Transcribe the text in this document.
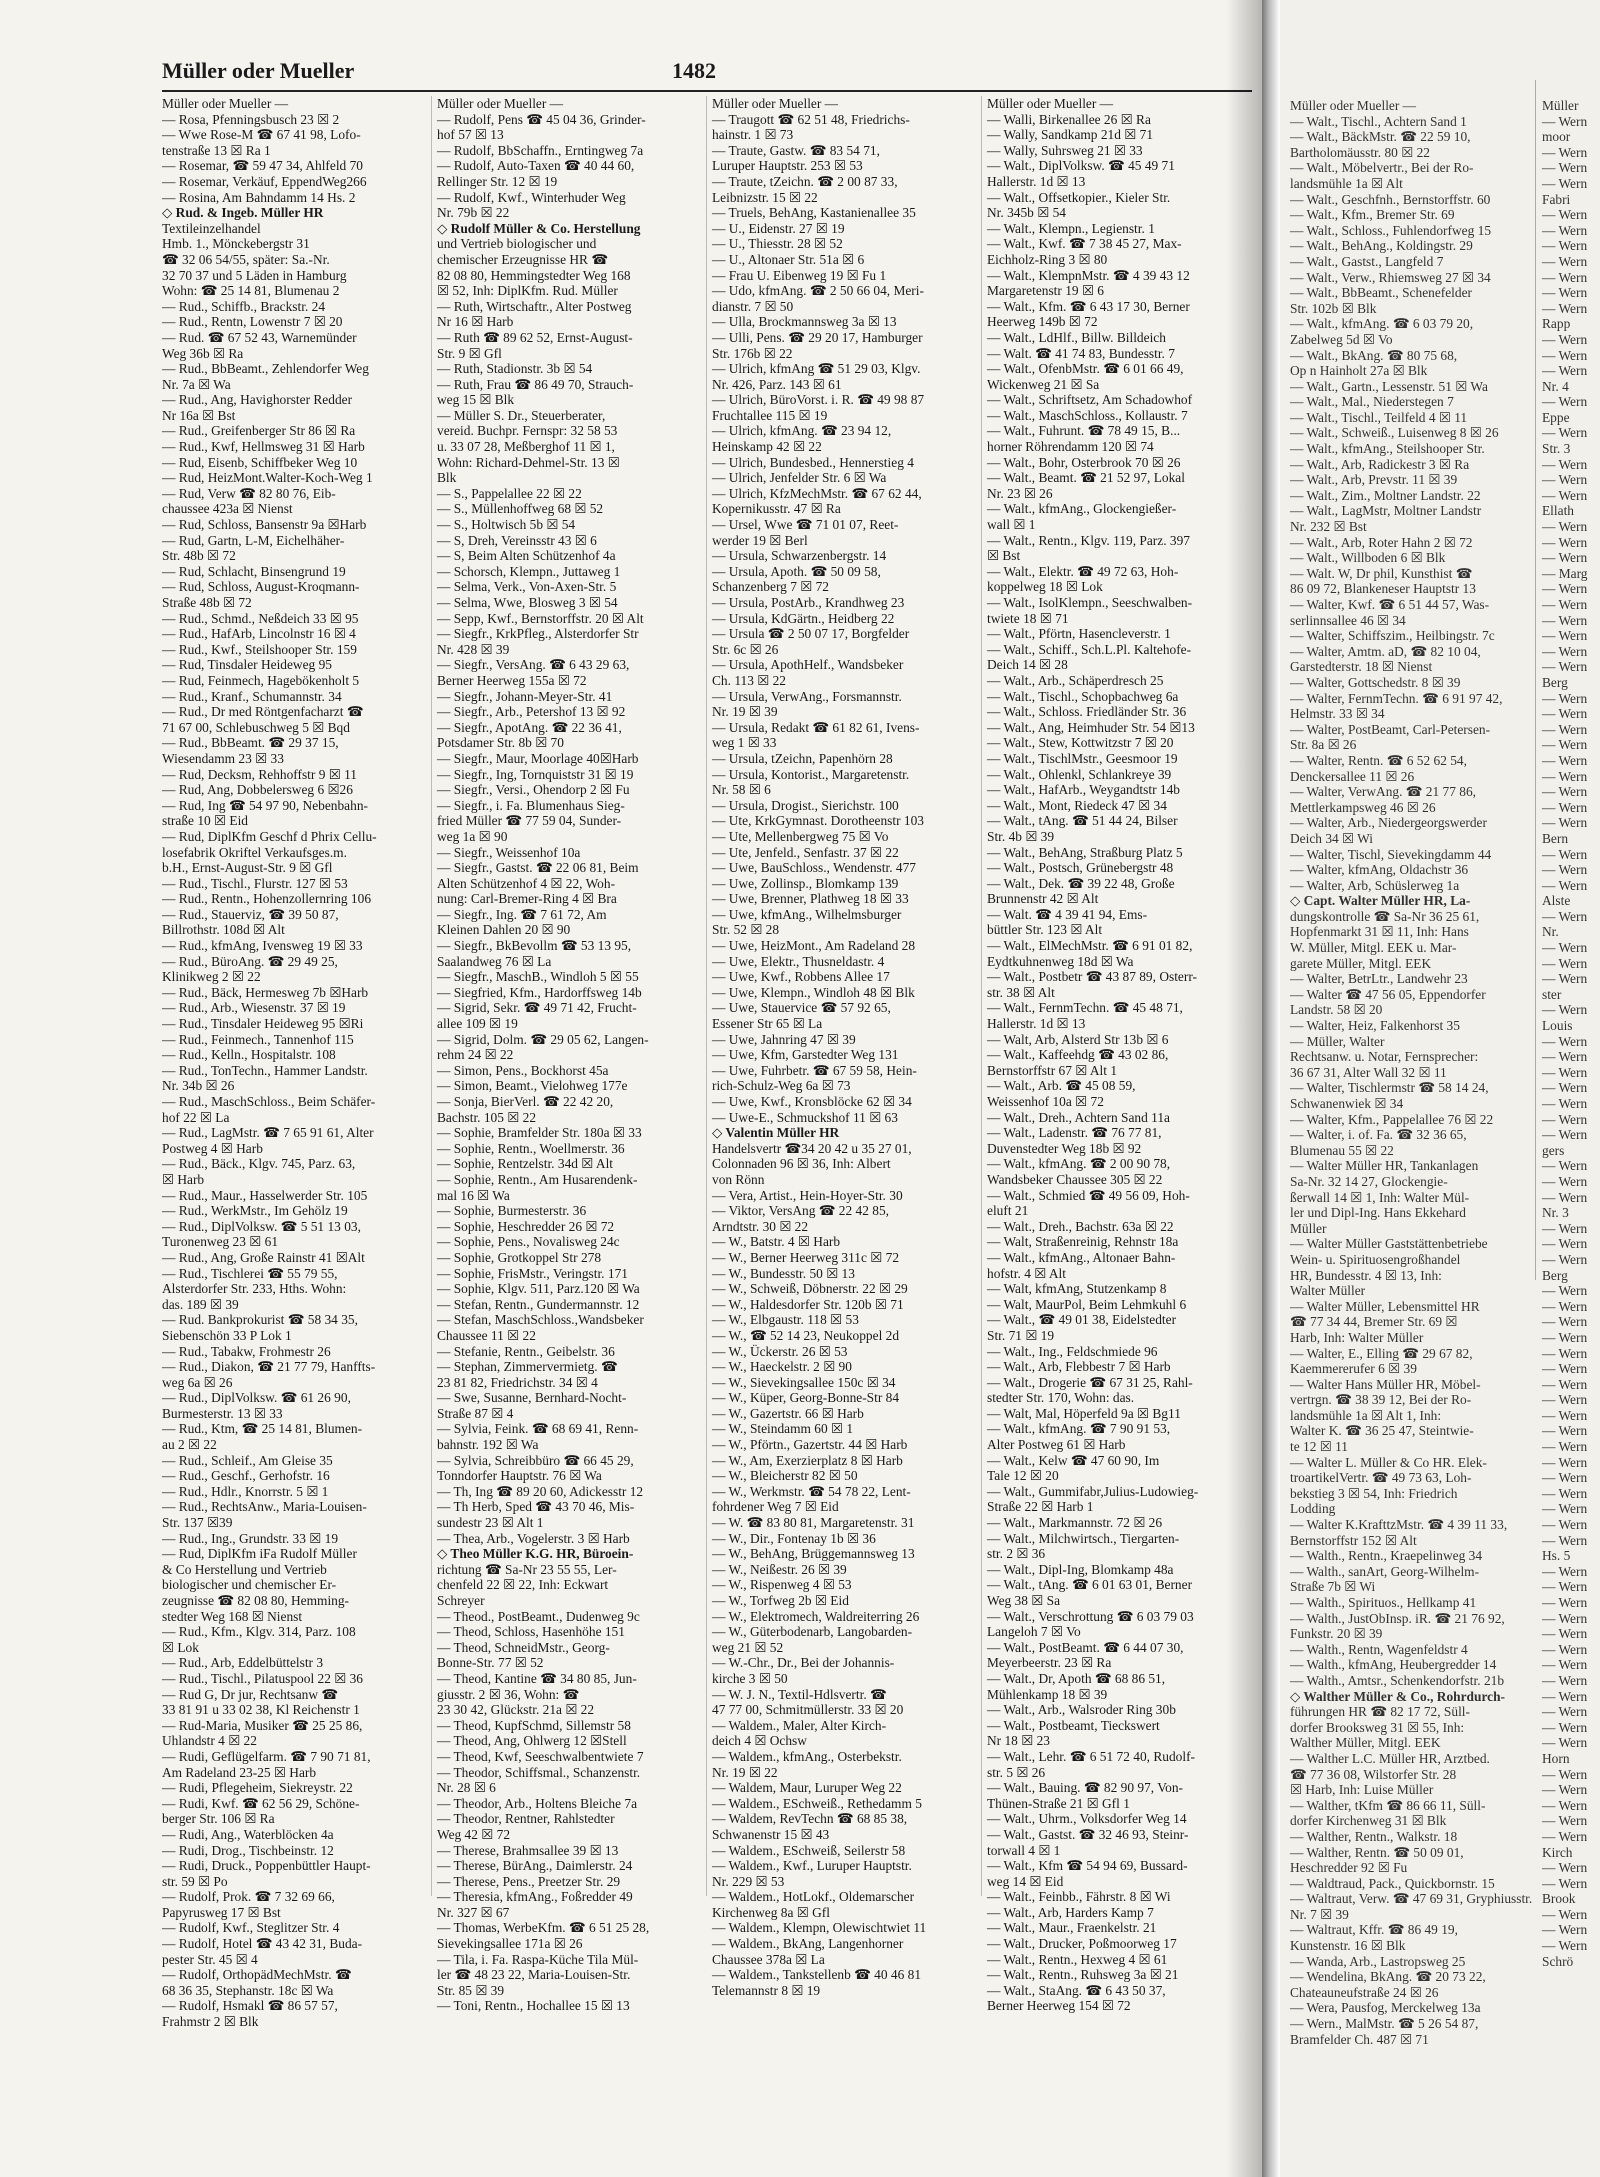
Müller oder Mueller	1482
Müller oder Mueller —
— Rosa, Pfenningsbusch 23 ☒ 2
— Wwe Rose-M ☎ 67 41 98, Lofo-
tenstraße 13 ☒ Ra 1
— Rosemar, ☎ 59 47 34, Ahlfeld 70
— Rosemar, Verkäuf, EppendWeg266
— Rosina, Am Bahndamm 14 Hs. 2
◇ Rud. & Ingeb. Müller HR
Textileinzelhandel
Hmb. 1., Mönckebergstr 31
☎ 32 06 54/55, später: Sa.-Nr.
32 70 37 und 5 Läden in Hamburg
Wohn: ☎ 25 14 81, Blumenau 2
— Rud., Schiffb., Brackstr. 24
— Rud., Rentn, Lowenstr 7 ☒ 20
— Rud. ☎ 67 52 43, Warnemünder
Weg 36b ☒ Ra
— Rud., BbBeamt., Zehlendorfer Weg
Nr. 7a ☒ Wa
— Rud., Ang, Havighorster Redder
Nr 16a ☒ Bst
— Rud., Greifenberger Str 86 ☒ Ra
— Rud., Kwf, Hellmsweg 31 ☒ Harb
— Rud, Eisenb, Schiffbeker Weg 10
— Rud, HeizMont.Walter-Koch-Weg 1
— Rud, Verw ☎ 82 80 76, Eib-
chaussee 423a ☒ Nienst
— Rud, Schloss, Bansenstr 9a ☒Harb
— Rud, Gartn, L-M, Eichelhäher-
Str. 48b ☒ 72
— Rud, Schlacht, Binsengrund 19
— Rud, Schloss, August-Kroqmann-
Straße 48b ☒ 72
— Rud., Schmd., Neßdeich 33 ☒ 95
— Rud., HafArb, Lincolnstr 16 ☒ 4
— Rud., Kwf., Steilshooper Str. 159
— Rud, Tinsdaler Heideweg 95
— Rud, Feinmech, Hagebökenholt 5
— Rud., Kranf., Schumannstr. 34
— Rud., Dr med Röntgenfacharzt ☎
71 67 00, Schlebuschweg 5 ☒ Bqd
— Rud., BbBeamt. ☎ 29 37 15,
Wiesendamm 23 ☒ 33
— Rud, Decksm, Rehhoffstr 9 ☒ 11
— Rud, Ang, Dobbelersweg 6 ☒26
— Rud, Ing ☎ 54 97 90, Nebenbahn-
straße 10 ☒ Eid
— Rud, DiplKfm Geschf d Phrix Cellu-
losefabrik Okriftel Verkaufsges.m.
b.H., Ernst-August-Str. 9 ☒ Gfl
— Rud., Tischl., Flurstr. 127 ☒ 53
— Rud., Rentn., Hohenzollernring 106
— Rud., Stauerviz, ☎ 39 50 87,
Billrothstr. 108d ☒ Alt
— Rud., kfmAng, Ivensweg 19 ☒ 33
— Rud., BüroAng. ☎ 29 49 25,
Klinikweg 2 ☒ 22
— Rud., Bäck, Hermesweg 7b ☒Harb
— Rud., Arb., Wiesenstr. 37 ☒ 19
— Rud., Tinsdaler Heideweg 95 ☒Ri
— Rud., Feinmech., Tannenhof 115
— Rud., Kelln., Hospitalstr. 108
— Rud., TonTechn., Hammer Landstr.
Nr. 34b ☒ 26
— Rud., MaschSchloss., Beim Schäfer-
hof 22 ☒ La
— Rud., LagMstr. ☎ 7 65 91 61, Alter
Postweg 4 ☒ Harb
— Rud., Bäck., Klgv. 745, Parz. 63,
☒ Harb
— Rud., Maur., Hasselwerder Str. 105
— Rud., WerkMstr., Im Gehölz 19
— Rud., DiplVolksw. ☎ 5 51 13 03,
Turonenweg 23 ☒ 61
— Rud., Ang, Große Rainstr 41 ☒Alt
— Rud., Tischlerei ☎ 55 79 55,
Alsterdorfer Str. 233, Hths. Wohn:
das. 189 ☒ 39
— Rud. Bankprokurist ☎ 58 34 35,
Siebenschön 33 P Lok 1
— Rud., Tabakw, Frohmestr 26
— Rud., Diakon, ☎ 21 77 79, Hanffts-
weg 6a ☒ 26
— Rud., DiplVolksw. ☎ 61 26 90,
Burmesterstr. 13 ☒ 33
— Rud., Ktm, ☎ 25 14 81, Blumen-
au 2 ☒ 22
— Rud., Schleif., Am Gleise 35
— Rud., Geschf., Gerhofstr. 16
— Rud., Hdlr., Knorrstr. 5 ☒ 1
— Rud., RechtsAnw., Maria-Louisen-
Str. 137 ☒39
— Rud., Ing., Grundstr. 33 ☒ 19
— Rud, DiplKfm iFa Rudolf Müller
& Co Herstellung und Vertrieb
biologischer und chemischer Er-
zeugnisse ☎ 82 08 80, Hemming-
stedter Weg 168 ☒ Nienst
— Rud., Kfm., Klgv. 314, Parz. 108
☒ Lok
— Rud., Arb, Eddelbüttelstr 3
— Rud., Tischl., Pilatuspool 22 ☒ 36
— Rud G, Dr jur, Rechtsanw ☎
33 81 91 u 33 02 38, Kl Reichenstr 1
— Rud-Maria, Musiker ☎ 25 25 86,
Uhlandstr 4 ☒ 22
— Rudi, Geflügelfarm. ☎ 7 90 71 81,
Am Radeland 23-25 ☒ Harb
— Rudi, Pflegeheim, Siekreystr. 22
— Rudi, Kwf. ☎ 62 56 29, Schöne-
berger Str. 106 ☒ Ra
— Rudi, Ang., Waterblöcken 4a
— Rudi, Drog., Tischbeinstr. 12
— Rudi, Druck., Poppenbüttler Haupt-
str. 59 ☒ Po
— Rudolf, Prok. ☎ 7 32 69 66,
Papyrusweg 17 ☒ Bst
— Rudolf, Kwf., Steglitzer Str. 4
— Rudolf, Hotel ☎ 43 42 31, Buda-
pester Str. 45 ☒ 4
— Rudolf, OrthopädMechMstr. ☎
68 36 35, Stephanstr. 18c ☒ Wa
— Rudolf, Hsmakl ☎ 86 57 57,
Frahmstr 2 ☒ Blk
Müller oder Mueller —
— Rudolf, Pens ☎ 45 04 36, Grinder-
hof 57 ☒ 13
— Rudolf, BbSchaffn., Erntingweg 7a
— Rudolf, Auto-Taxen ☎ 40 44 60,
Rellinger Str. 12 ☒ 19
— Rudolf, Kwf., Winterhuder Weg
Nr. 79b ☒ 22
◇ Rudolf Müller & Co. Herstellung
und Vertrieb biologischer und
chemischer Erzeugnisse HR ☎
82 08 80, Hemmingstedter Weg 168
☒ 52, Inh: DiplKfm. Rud. Müller
— Ruth, Wirtschaftr., Alter Postweg
Nr 16 ☒ Harb
— Ruth ☎ 89 62 52, Ernst-August-
Str. 9 ☒ Gfl
— Ruth, Stadionstr. 3b ☒ 54
— Ruth, Frau ☎ 86 49 70, Strauch-
weg 15 ☒ Blk
— Müller S. Dr., Steuerberater,
vereid. Buchpr. Fernspr: 32 58 53
u. 33 07 28, Meßberghof 11 ☒ 1,
Wohn: Richard-Dehmel-Str. 13 ☒
Blk
— S., Pappelallee 22 ☒ 22
— S., Müllenhoffweg 68 ☒ 52
— S., Holtwisch 5b ☒ 54
— S, Dreh, Vereinsstr 43 ☒ 6
— S, Beim Alten Schützenhof 4a
— Schorsch, Klempn., Juttaweg 1
— Selma, Verk., Von-Axen-Str. 5
— Selma, Wwe, Blosweg 3 ☒ 54
— Sepp, Kwf., Bernstorffstr. 20 ☒ Alt
— Siegfr., KrkPfleg., Alsterdorfer Str
Nr. 428 ☒ 39
— Siegfr., VersAng. ☎ 6 43 29 63,
Berner Heerweg 155a ☒ 72
— Siegfr., Johann-Meyer-Str. 41
— Siegfr., Arb., Petershof 13 ☒ 92
— Siegfr., ApotAng. ☎ 22 36 41,
Potsdamer Str. 8b ☒ 70
— Siegfr., Maur, Moorlage 40☒Harb
— Siegfr., Ing, Tornquiststr 31 ☒ 19
— Siegfr., Versi., Ohendorp 2 ☒ Fu
— Siegfr., i. Fa. Blumenhaus Sieg-
fried Müller ☎ 77 59 04, Sunder-
weg 1a ☒ 90
— Siegfr., Weissenhof 10a
— Siegfr., Gastst. ☎ 22 06 81, Beim
Alten Schützenhof 4 ☒ 22, Woh-
nung: Carl-Bremer-Ring 4 ☒ Bra
— Siegfr., Ing. ☎ 7 61 72, Am
Kleinen Dahlen 20 ☒ 90
— Siegfr., BkBevollm ☎ 53 13 95,
Saalandweg 76 ☒ La
— Siegfr., MaschB., Windloh 5 ☒ 55
— Siegfried, Kfm., Hardorffsweg 14b
— Sigrid, Sekr. ☎ 49 71 42, Frucht-
allee 109 ☒ 19
— Sigrid, Dolm. ☎ 29 05 62, Langen-
rehm 24 ☒ 22
— Simon, Pens., Bockhorst 45a
— Simon, Beamt., Vielohweg 177e
— Sonja, BierVerl. ☎ 22 42 20,
Bachstr. 105 ☒ 22
— Sophie, Bramfelder Str. 180a ☒ 33
— Sophie, Rentn., Woellmerstr. 36
— Sophie, Rentzelstr. 34d ☒ Alt
— Sophie, Rentn., Am Husarendenk-
mal 16 ☒ Wa
— Sophie, Burmesterstr. 36
— Sophie, Heschredder 26 ☒ 72
— Sophie, Pens., Novalisweg 24c
— Sophie, Grotkoppel Str 278
— Sophie, FrisMstr., Veringstr. 171
— Sophie, Klgv. 511, Parz.120 ☒ Wa
— Stefan, Rentn., Gundermannstr. 12
— Stefan, MaschSchloss.,Wandsbeker
Chaussee 11 ☒ 22
— Stefanie, Rentn., Geibelstr. 36
— Stephan, Zimmervermietg. ☎
23 81 82, Friedrichstr. 34 ☒ 4
— Swe, Susanne, Bernhard-Nocht-
Straße 87 ☒ 4
— Sylvia, Feink. ☎ 68 69 41, Renn-
bahnstr. 192 ☒ Wa
— Sylvia, Schreibbüro ☎ 66 45 29,
Tonndorfer Hauptstr. 76 ☒ Wa
— Th, Ing ☎ 89 20 60, Adickesstr 12
— Th Herb, Sped ☎ 43 70 46, Mis-
sundestr 23 ☒ Alt 1
— Thea, Arb., Vogelerstr. 3 ☒ Harb
◇ Theo Müller K.G. HR, Büroein-
richtung ☎ Sa-Nr 23 55 55, Ler-
chenfeld 22 ☒ 22, Inh: Eckwart
Schreyer
— Theod., PostBeamt., Dudenweg 9c
— Theod, Schloss, Hasenhöhe 151
— Theod, SchneidMstr., Georg-
Bonne-Str. 77 ☒ 52
— Theod, Kantine ☎ 34 80 85, Jun-
giusstr. 2 ☒ 36, Wohn: ☎
23 30 42, Glückstr. 21a ☒ 22
— Theod, KupfSchmd, Sillemstr 58
— Theod, Ang, Ohlwerg 12 ☒Stell
— Theod, Kwf, Seeschwalbentwiete 7
— Theodor, Schiffsmal., Schanzenstr.
Nr. 28 ☒ 6
— Theodor, Arb., Holtens Bleiche 7a
— Theodor, Rentner, Rahlstedter
Weg 42 ☒ 72
— Therese, Brahmsallee 39 ☒ 13
— Therese, BürAng., Daimlerstr. 24
— Therese, Pens., Preetzer Str. 29
— Theresia, kfmAng., Foßredder 49
Nr. 327 ☒ 67
— Thomas, WerbeKfm. ☎ 6 51 25 28,
Sievekingsallee 171a ☒ 26
— Tila, i. Fa. Raspa-Küche Tila Mül-
ler ☎ 48 23 22, Maria-Louisen-Str.
Str. 85 ☒ 39
— Toni, Rentn., Hochallee 15 ☒ 13
Müller oder Mueller —
— Traugott ☎ 62 51 48, Friedrichs-
hainstr. 1 ☒ 73
— Traute, Gastw. ☎ 83 54 71,
Luruper Hauptstr. 253 ☒ 53
— Traute, tZeichn. ☎ 2 00 87 33,
Leibnizstr. 15 ☒ 22
— Truels, BehAng, Kastanienallee 35
— U., Eidenstr. 27 ☒ 19
— U., Thiesstr. 28 ☒ 52
— U., Altonaer Str. 51a ☒ 6
— Frau U. Eibenweg 19 ☒ Fu 1
— Udo, kfmAng. ☎ 2 50 66 04, Meri-
dianstr. 7 ☒ 50
— Ulla, Brockmannsweg 3a ☒ 13
— Ulli, Pens. ☎ 29 20 17, Hamburger
Str. 176b ☒ 22
— Ulrich, kfmAng ☎ 51 29 03, Klgv.
Nr. 426, Parz. 143 ☒ 61
— Ulrich, BüroVorst. i. R. ☎ 49 98 87
Fruchtallee 115 ☒ 19
— Ulrich, kfmAng. ☎ 23 94 12,
Heinskamp 42 ☒ 22
— Ulrich, Bundesbed., Hennerstieg 4
— Ulrich, Jenfelder Str. 6 ☒ Wa
— Ulrich, KfzMechMstr. ☎ 67 62 44,
Kopernikusstr. 47 ☒ Ra
— Ursel, Wwe ☎ 71 01 07, Reet-
werder 19 ☒ Berl
— Ursula, Schwarzenbergstr. 14
— Ursula, Apoth. ☎ 50 09 58,
Schanzenberg 7 ☒ 72
— Ursula, PostArb., Krandhweg 23
— Ursula, KdGärtn., Heidberg 22
— Ursula ☎ 2 50 07 17, Borgfelder
Str. 6c ☒ 26
— Ursula, ApothHelf., Wandsbeker
Ch. 113 ☒ 22
— Ursula, VerwAng., Forsmannstr.
Nr. 19 ☒ 39
— Ursula, Redakt ☎ 61 82 61, Ivens-
weg 1 ☒ 33
— Ursula, tZeichn, Papenhörn 28
— Ursula, Kontorist., Margaretenstr.
Nr. 58 ☒ 6
— Ursula, Drogist., Sierichstr. 100
— Ute, KrkGymnast. Dorotheenstr 103
— Ute, Mellenbergweg 75 ☒ Vo
— Ute, Jenfeld., Senfastr. 37 ☒ 22
— Uwe, BauSchloss., Wendenstr. 477
— Uwe, Zollinsp., Blomkamp 139
— Uwe, Brenner, Plathweg 18 ☒ 33
— Uwe, kfmAng., Wilhelmsburger
Str. 52 ☒ 28
— Uwe, HeizMont., Am Radeland 28
— Uwe, Elektr., Thusneldastr. 4
— Uwe, Kwf., Robbens Allee 17
— Uwe, Klempn., Windloh 48 ☒ Blk
— Uwe, Stauervice ☎ 57 92 65,
Essener Str 65 ☒ La
— Uwe, Jahnring 47 ☒ 39
— Uwe, Kfm, Garstedter Weg 131
— Uwe, Fuhrbetr. ☎ 67 59 58, Hein-
rich-Schulz-Weg 6a ☒ 73
— Uwe, Kwf., Kronsblöcke 62 ☒ 34
— Uwe-E., Schmuckshof 11 ☒ 63
◇ Valentin Müller HR
Handelsvertr ☎34 20 42 u 35 27 01,
Colonnaden 96 ☒ 36, Inh: Albert
von Rönn
— Vera, Artist., Hein-Hoyer-Str. 30
— Viktor, VersAng ☎ 22 42 85,
Arndtstr. 30 ☒ 22
— W., Batstr. 4 ☒ Harb
— W., Berner Heerweg 311c ☒ 72
— W., Bundesstr. 50 ☒ 13
— W., Schweiß, Döbnerstr. 22 ☒ 29
— W., Haldesdorfer Str. 120b ☒ 71
— W., Elbgaustr. 118 ☒ 53
— W., ☎ 52 14 23, Neukoppel 2d
— W., Ückerstr. 26 ☒ 53
— W., Haeckelstr. 2 ☒ 90
— W., Sievekingsallee 150c ☒ 34
— W., Küper, Georg-Bonne-Str 84
— W., Gazertstr. 66 ☒ Harb
— W., Steindamm 60 ☒ 1
— W., Pförtn., Gazertstr. 44 ☒ Harb
— W., Am, Exerzierplatz 8 ☒ Harb
— W., Bleicherstr 82 ☒ 50
— W., Werkmstr. ☎ 54 78 22, Lent-
fohrdener Weg 7 ☒ Eid
— W. ☎ 83 80 81, Margaretenstr. 31
— W., Dir., Fontenay 1b ☒ 36
— W., BehAng, Brüggemannsweg 13
— W., Neißestr. 26 ☒ 39
— W., Rispenweg 4 ☒ 53
— W., Torfweg 2b ☒ Eid
— W., Elektromech, Waldreiterring 26
— W., Güterbodenarb, Langobarden-
weg 21 ☒ 52
— W.-Chr., Dr., Bei der Johannis-
kirche 3 ☒ 50
— W. J. N., Textil-Hdlsvertr. ☎
47 77 00, Schmitmüllerstr. 33 ☒ 20
— Waldem., Maler, Alter Kirch-
deich 4 ☒ Ochsw
— Waldem., kfmAng., Osterbekstr.
Nr. 19 ☒ 22
— Waldem, Maur, Luruper Weg 22
— Waldem., ESchweiß., Rethedamm 5
— Waldem, RevTechn ☎ 68 85 38,
Schwanenstr 15 ☒ 43
— Waldem., ESchweiß, Seilerstr 58
— Waldem., Kwf., Luruper Hauptstr.
Nr. 229 ☒ 53
— Waldem., HotLokf., Oldemarscher
Kirchenweg 8a ☒ Gfl
— Waldem., Klempn, Olewischtwiet 11
— Waldem., BkAng, Langenhorner
Chaussee 378a ☒ La
— Waldem., Tankstellenb ☎ 40 46 81
Telemannstr 8 ☒ 19
Müller oder Mueller —
— Walli, Birkenallee 26 ☒ Ra
— Wally, Sandkamp 21d ☒ 71
— Wally, Suhrsweg 21 ☒ 33
— Walt., DiplVolksw. ☎ 45 49 71
Hallerstr. 1d ☒ 13
— Walt., Offsetkopier., Kieler Str.
Nr. 345b ☒ 54
— Walt., Klempn., Legienstr. 1
— Walt., Kwf. ☎ 7 38 45 27, Max-
Eichholz-Ring 3 ☒ 80
— Walt., KlempnMstr. ☎ 4 39 43 12
Margaretenstr 19 ☒ 6
— Walt., Kfm. ☎ 6 43 17 30, Berner
Heerweg 149b ☒ 72
— Walt., LdHlf., Billw. Billdeich
— Walt. ☎ 41 74 83, Bundesstr. 7
— Walt., OfenbMstr. ☎ 6 01 66 49,
Wickenweg 21 ☒ Sa
— Walt., Schriftsetz, Am Schadowhof
— Walt., MaschSchloss., Kollaustr. 7
— Walt., Fuhrunt. ☎ 78 49 15, B...
horner Röhrendamm 120 ☒ 74
— Walt., Bohr, Osterbrook 70 ☒ 26
— Walt., Beamt. ☎ 21 52 97, Lokal
Nr. 23 ☒ 26
— Walt., kfmAng., Glockengießer-
wall ☒ 1
— Walt., Rentn., Klgv. 119, Parz. 397
☒ Bst
— Walt., Elektr. ☎ 49 72 63, Hoh-
koppelweg 18 ☒ Lok
— Walt., IsolKlempn., Seeschwalben-
twiete 18 ☒ 71
— Walt., Pförtn, Hasencleverstr. 1
— Walt., Schiff., Sch.L.Pl. Kaltehofe-
Deich 14 ☒ 28
— Walt., Arb., Schäperdresch 25
— Walt., Tischl., Schopbachweg 6a
— Walt., Schloss. Friedländer Str. 36
— Walt., Ang, Heimhuder Str. 54 ☒13
— Walt., Stew, Kottwitzstr 7 ☒ 20
— Walt., TischlMstr., Geesmoor 19
— Walt., Ohlenkl, Schlankreye 39
— Walt., HafArb., Weygandtstr 14b
— Walt., Mont, Riedeck 47 ☒ 34
— Walt., tAng. ☎ 51 44 24, Bilser
Str. 4b ☒ 39
— Walt., BehAng, Straßburg Platz 5
— Walt., Postsch, Grünebergstr 48
— Walt., Dek. ☎ 39 22 48, Große
Brunnenstr 42 ☒ Alt
— Walt. ☎ 4 39 41 94, Ems-
büttler Str. 123 ☒ Alt
— Walt., ElMechMstr. ☎ 6 91 01 82,
Eydtkuhnenweg 18d ☒ Wa
— Walt., Postbetr ☎ 43 87 89, Osterr-
str. 38 ☒ Alt
— Walt., FernmTechn. ☎ 45 48 71,
Hallerstr. 1d ☒ 13
— Walt, Arb, Alsterd Str 13b ☒ 6
— Walt., Kaffeehdg ☎ 43 02 86,
Bernstorffstr 67 ☒ Alt 1
— Walt., Arb. ☎ 45 08 59,
Weissenhof 10a ☒ 72
— Walt., Dreh., Achtern Sand 11a
— Walt., Ladenstr. ☎ 76 77 81,
Duvenstedter Weg 18b ☒ 92
— Walt., kfmAng. ☎ 2 00 90 78,
Wandsbeker Chaussee 305 ☒ 22
— Walt., Schmied ☎ 49 56 09, Hoh-
eluft 21
— Walt., Dreh., Bachstr. 63a ☒ 22
— Walt, Straßenreinig, Rehnstr 18a
— Walt., kfmAng., Altonaer Bahn-
hofstr. 4 ☒ Alt
— Walt, kfmAng, Stutzenkamp 8
— Walt, MaurPol, Beim Lehmkuhl 6
— Walt., ☎ 49 01 38, Eidelstedter
Str. 71 ☒ 19
— Walt., Ing., Feldschmiede 96
— Walt., Arb, Flebbestr 7 ☒ Harb
— Walt., Drogerie ☎ 67 31 25, Rahl-
stedter Str. 170, Wohn: das.
— Walt, Mal, Höperfeld 9a ☒ Bg11
— Walt., kfmAng. ☎ 7 90 91 53,
Alter Postweg 61 ☒ Harb
— Walt., Kelw ☎ 47 60 90, Im
Tale 12 ☒ 20
— Walt., Gummifabr,Julius-Ludowieg-
Straße 22 ☒ Harb 1
— Walt., Markmannstr. 72 ☒ 26
— Walt., Milchwirtsch., Tiergarten-
str. 2 ☒ 36
— Walt., Dipl-Ing, Blomkamp 48a
— Walt., tAng. ☎ 6 01 63 01, Berner
Weg 38 ☒ Sa
— Walt., Verschrottung ☎ 6 03 79 03
Langeloh 7 ☒ Vo
— Walt., PostBeamt. ☎ 6 44 07 30,
Meyerbeerstr. 23 ☒ Ra
— Walt., Dr, Apoth ☎ 68 86 51,
Mühlenkamp 18 ☒ 39
— Walt., Arb., Walsroder Ring 30b
— Walt., Postbeamt, Tieckswert
Nr 18 ☒ 23
— Walt., Lehr. ☎ 6 51 72 40, Rudolf-
str. 5 ☒ 26
— Walt., Bauing. ☎ 82 90 97, Von-
Thünen-Straße 21 ☒ Gfl 1
— Walt., Uhrm., Volksdorfer Weg 14
— Walt., Gastst. ☎ 32 46 93, Steinr-
torwall 4 ☒ 1
— Walt., Kfm ☎ 54 94 69, Bussard-
weg 14 ☒ Eid
— Walt., Feinbb., Fährstr. 8 ☒ Wi
— Walt., Arb, Harders Kamp 7
— Walt., Maur., Fraenkelstr. 21
— Walt., Drucker, Poßmoorweg 17
— Walt., Rentn., Hexweg 4 ☒ 61
— Walt., Rentn., Ruhsweg 3a ☒ 21
— Walt., StaAng. ☎ 6 43 50 37,
Berner Heerweg 154 ☒ 72
Müller oder Mueller —
— Walt., Tischl., Achtern Sand 1
— Walt., BäckMstr. ☎ 22 59 10,
Bartholomäusstr. 80 ☒ 22
— Walt., Möbelvertr., Bei der Ro-
landsmühle 1a ☒ Alt
— Walt., Geschfnh., Bernstorffstr. 60
— Walt., Kfm., Bremer Str. 69
— Walt., Schloss., Fuhlendorfweg 15
— Walt., BehAng., Koldingstr. 29
— Walt., Gastst., Langfeld 7
— Walt., Verw., Rhiemsweg 27 ☒ 34
— Walt., BbBeamt., Schenefelder
Str. 102b ☒ Blk
— Walt., kfmAng. ☎ 6 03 79 20,
Zabelweg 5d ☒ Vo
— Walt., BkAng. ☎ 80 75 68,
Op n Hainholt 27a ☒ Blk
— Walt., Gartn., Lessenstr. 51 ☒ Wa
— Walt., Mal., Niederstegen 7
— Walt., Tischl., Teilfeld 4 ☒ 11
— Walt., Schweiß., Luisenweg 8 ☒ 26
— Walt., kfmAng., Steilshooper Str.
— Walt., Arb, Radickestr 3 ☒ Ra
— Walt., Arb, Prevstr. 11 ☒ 39
— Walt., Zim., Moltner Landstr. 22
— Walt., LagMstr, Moltner Landstr
Nr. 232 ☒ Bst
— Walt., Arb, Roter Hahn 2 ☒ 72
— Walt., Willboden 6 ☒ Blk
— Walt. W, Dr phil, Kunsthist ☎
86 09 72, Blankeneser Hauptstr 13
— Walter, Kwf. ☎ 6 51 44 57, Was-
serlinnsallee 46 ☒ 34
— Walter, Schiffszim., Heilbingstr. 7c
— Walter, Amtm. aD, ☎ 82 10 04,
Garstedterstr. 18 ☒ Nienst
— Walter, Gottschedstr. 8 ☒ 39
— Walter, FernmTechn. ☎ 6 91 97 42,
Helmstr. 33 ☒ 34
— Walter, PostBeamt, Carl-Petersen-
Str. 8a ☒ 26
— Walter, Rentn. ☎ 6 52 62 54,
Denckersallee 11 ☒ 26
— Walter, VerwAng. ☎ 21 77 86,
Mettlerkampsweg 46 ☒ 26
— Walter, Arb., Niedergeorgswerder
Deich 34 ☒ Wi
— Walter, Tischl, Sievekingdamm 44
— Walter, kfmAng, Oldachstr 36
— Walter, Arb, Schüslerweg 1a
◇ Capt. Walter Müller HR, La-
dungskontrolle ☎ Sa-Nr 36 25 61,
Hopfenmarkt 31 ☒ 11, Inh: Hans
W. Müller, Mitgl. EEK u. Mar-
garete Müller, Mitgl. EEK
— Walter, BetrLtr., Landwehr 23
— Walter ☎ 47 56 05, Eppendorfer
Landstr. 58 ☒ 20
— Walter, Heiz, Falkenhorst 35
— Müller, Walter
Rechtsanw. u. Notar, Fernsprecher:
36 67 31, Alter Wall 32 ☒ 11
— Walter, Tischlermstr ☎ 58 14 24,
Schwanenwiek ☒ 34
— Walter, Kfm., Pappelallee 76 ☒ 22
— Walter, i. of. Fa. ☎ 32 36 65,
Blumenau 55 ☒ 22
— Walter Müller HR, Tankanlagen
Sa-Nr. 32 14 27, Glockengie-
ßerwall 14 ☒ 1, Inh: Walter Mül-
ler und Dipl-Ing. Hans Ekkehard
Müller
— Walter Müller Gaststättenbetriebe
Wein- u. Spirituosengroßhandel
HR, Bundesstr. 4 ☒ 13, Inh:
Walter Müller
— Walter Müller, Lebensmittel HR
☎ 77 34 44, Bremer Str. 69 ☒
Harb, Inh: Walter Müller
— Walter, E., Elling ☎ 29 67 82,
Kaemmererufer 6 ☒ 39
— Walter Hans Müller HR, Möbel-
vertrgn. ☎ 38 39 12, Bei der Ro-
landsmühle 1a ☒ Alt 1, Inh:
Walter K. ☎ 36 25 47, Steintwie-
te 12 ☒ 11
— Walter L. Müller & Co HR. Elek-
troartikelVertr. ☎ 49 73 63, Loh-
bekstieg 3 ☒ 54, Inh: Friedrich
Lodding
— Walter K.KrafttzMstr. ☎ 4 39 11 33,
Bernstorffstr 152 ☒ Alt
— Walth., Rentn., Kraepelinweg 34
— Walth., sanArt, Georg-Wilhelm-
Straße 7b ☒ Wi
— Walth., Spirituos., Hellkamp 41
— Walth., JustObInsp. iR. ☎ 21 76 92,
Funkstr. 20 ☒ 39
— Walth., Rentn, Wagenfeldstr 4
— Walth., kfmAng, Heubergredder 14
— Walth., Amtsr., Schenkendorfstr. 21b
◇ Walther Müller & Co., Rohrdurch-
führungen HR ☎ 82 17 72, Süll-
dorfer Brooksweg 31 ☒ 55, Inh:
Walther Müller, Mitgl. EEK
— Walther L.C. Müller HR, Arztbed.
☎ 77 36 08, Wilstorfer Str. 28
☒ Harb, Inh: Luise Müller
— Walther, tKfm ☎ 86 66 11, Süll-
dorfer Kirchenweg 31 ☒ Blk
— Walther, Rentn., Walkstr. 18
— Walther, Rentn. ☎ 50 09 01,
Heschredder 92 ☒ Fu
— Waldtraud, Pack., Quickbornstr. 15
— Waltraut, Verw. ☎ 47 69 31, Gryphiusstr.
Nr. 7 ☒ 39
— Waltraut, Kffr. ☎ 86 49 19,
Kunstenstr. 16 ☒ Blk
— Wanda, Arb., Lastropsweg 25
— Wendelina, BkAng. ☎ 20 73 22,
Chateauneufstraße 24 ☒ 26
— Wera, Pausfog, Merckelweg 13a
— Wern., MalMstr. ☎ 5 26 54 87,
Bramfelder Ch. 487 ☒ 71
Müller
— Wern
moor
— Wern
— Wern
— Wern
Fabri
— Wern
— Wern
— Wern
— Wern
— Wern
— Wern
— Wern
Rapp
— Wern
— Wern
— Wern
Nr. 4
— Wern
Eppe
— Wern
Str. 3
— Wern
— Wern
— Wern
Ellath
— Wern
— Wern
— Wern
— Marg
— Wern
— Wern
— Wern
— Wern
— Wern
— Wern
Berg
— Wern
— Wern
— Wern
— Wern
— Wern
— Wern
— Wern
— Wern
— Wern
Bern
— Wern
— Wern
— Wern
Alste
— Wern
Nr.
— Wern
— Wern
— Wern
ster
— Wern
Louis
— Wern
— Wern
— Wern
— Wern
— Wern
— Wern
— Wern
gers
— Wern
— Wern
— Wern
Nr. 3
— Wern
— Wern
— Wern
Berg
— Wern
— Wern
— Wern
— Wern
— Wern
— Wern
— Wern
— Wern
— Wern
— Wern
— Wern
— Wern
— Wern
— Wern
— Wern
— Wern
— Wern
Hs. 5
— Wern
— Wern
— Wern
— Wern
— Wern
— Wern
— Wern
— Wern
— Wern
— Wern
— Wern
— Wern
Horn
— Wern
— Wern
— Wern
— Wern
— Wern
Kirch
— Wern
— Wern
Brook
— Wern
— Wern
— Wern
Schrö
